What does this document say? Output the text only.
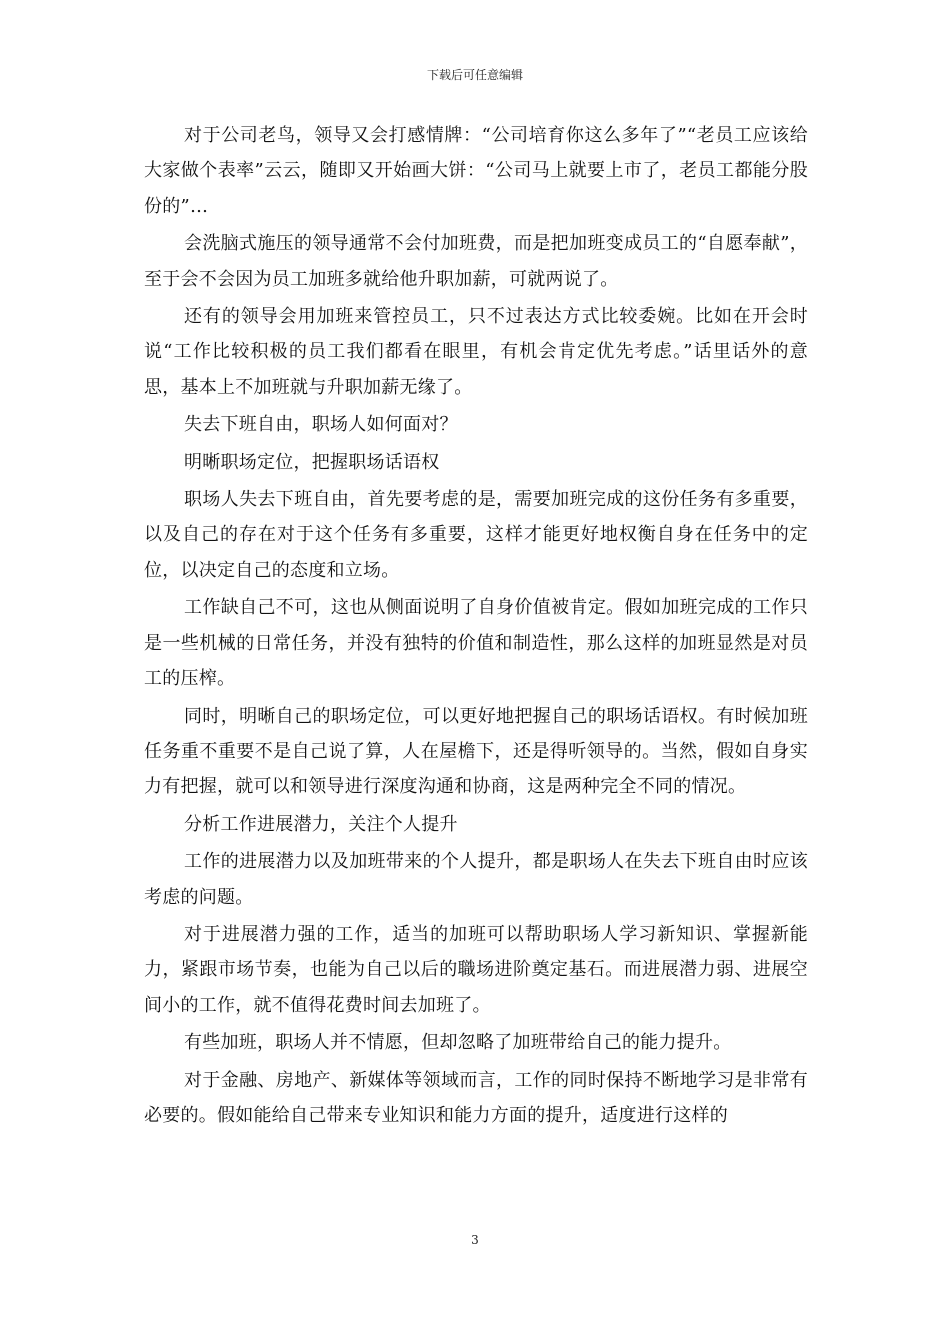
下载后可任意编辑

对于公司老鸟，领导又会打感情牌：“公司培育你这么多年了”“老员工应该给大家做个表率”云云，随即又开始画大饼：“公司马上就要上市了，老员工都能分股份的”…

会洗脑式施压的领导通常不会付加班费，而是把加班变成员工的“自愿奉献”，至于会不会因为员工加班多就给他升职加薪，可就两说了。

还有的领导会用加班来管控员工，只不过表达方式比较委婉。比如在开会时说“工作比较积极的员工我们都看在眼里，有机会肯定优先考虑。”话里话外的意思，基本上不加班就与升职加薪无缘了。

失去下班自由，职场人如何面对？

明晰职场定位，把握职场话语权

职场人失去下班自由，首先要考虑的是，需要加班完成的这份任务有多重要，以及自己的存在对于这个任务有多重要，这样才能更好地权衡自身在任务中的定位，以决定自己的态度和立场。

工作缺自己不可，这也从侧面说明了自身价值被肯定。假如加班完成的工作只是一些机械的日常任务，并没有独特的价值和制造性，那么这样的加班显然是对员工的压榨。

同时，明晰自己的职场定位，可以更好地把握自己的职场话语权。有时候加班任务重不重要不是自己说了算，人在屋檐下，还是得听领导的。当然，假如自身实力有把握，就可以和领导进行深度沟通和协商，这是两种完全不同的情况。

分析工作进展潜力，关注个人提升

工作的进展潜力以及加班带来的个人提升，都是职场人在失去下班自由时应该考虑的问题。

对于进展潜力强的工作，适当的加班可以帮助职场人学习新知识、掌握新能力，紧跟市场节奏，也能为自己以后的職场进阶奠定基石。而进展潜力弱、进展空间小的工作，就不值得花费时间去加班了。

有些加班，职场人并不情愿，但却忽略了加班带给自己的能力提升。

对于金融、房地产、新媒体等领域而言，工作的同时保持不断地学习是非常有必要的。假如能给自己带来专业知识和能力方面的提升，适度进行这样的

3
